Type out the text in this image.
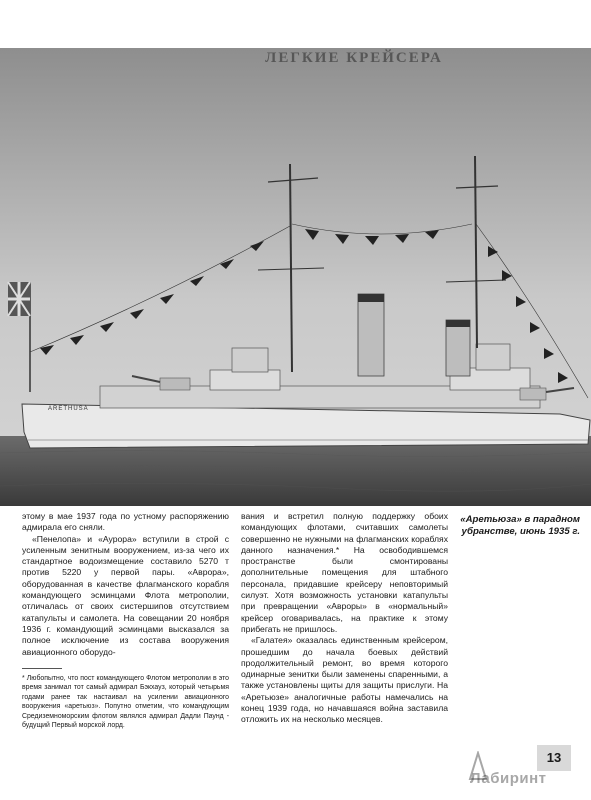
ARETHUSA
ЛЕГКИЕ КРЕЙСЕРА

этому в мае 1937 года по устному распоряжению адмирала его сняли.

«Пенелопа» и «Аурора» вступили в строй с усиленным зенитным вооружением, из-за чего их стандартное водоизмещение составило 5270 т против 5220 у первой пары. «Аврора», оборудованная в качестве флагманского корабля командующего эсминцами Флота метрополии, отличалась от своих систершипов отсутствием катапульты и самолета. На совещании 20 ноября 1936 г. командующий эсминцами высказался за полное исключение из состава вооружения авиационного оборудо-

* Любопытно, что пост командующего Флотом метрополии в это время занимал тот самый адмирал Бэкхауз, который четырьмя годами ранее так настаивал на усилении авиационного вооружения «аретьюз». Попутно отметим, что командующим Средиземноморским флотом являлся адмирал Дадли Паунд - будущий Первый морской лорд.

вания и встретил полную поддержку обоих командующих флотами, считавших самолеты совершенно не нужными на флагманских кораблях данного назначения.* На освободившемся пространстве были смонтированы дополнительные помещения для штабного персонала, придавшие крейсеру неповторимый силуэт. Хотя возможность установки катапульты при превращении «Авроры» в «нормальный» крейсер оговаривалась, на практике к этому прибегать не пришлось.

«Галатея» оказалась единственным крейсером, прошедшим до начала боевых действий продолжительный ремонт, во время которого одинарные зенитки были заменены спаренными, а также установлены щиты для защиты прислуги. На «Аретьюзе» аналогичные работы намечались на конец 1939 года, но начавшаяся война заставила отложить их на несколько месяцев.

«Аретьюза» в парадном убранстве, июнь 1935 г.
13
Лабиринт
